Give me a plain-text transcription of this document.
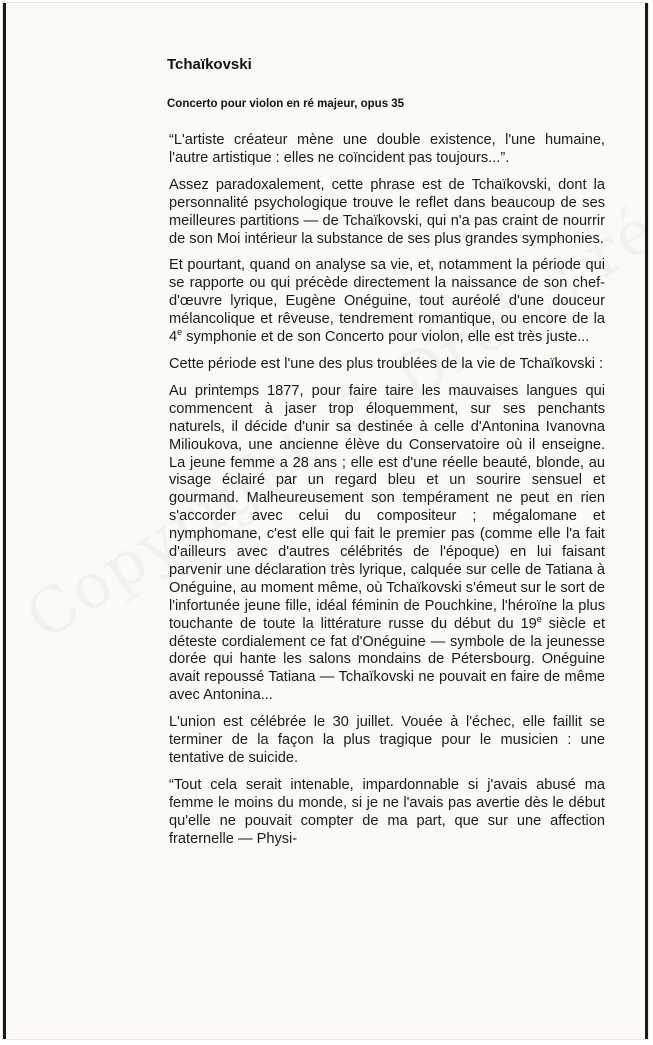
Tchaïkovski
Concerto pour violon en ré majeur, opus 35

“L'artiste créateur mène une double existence, l'une humaine, l'autre artistique : elles ne coïncident pas toujours...”.

Assez paradoxalement, cette phrase est de Tchaïkovski, dont la personnalité psychologique trouve le reflet dans beaucoup de ses meilleures partitions — de Tchaïkovski, qui n'a pas craint de nourrir de son Moi intérieur la substance de ses plus grandes symphonies.

Et pourtant, quand on analyse sa vie, et, notamment la période qui se rapporte ou qui précède directement la naissance de son chef-d'œuvre lyrique, Eugène Onéguine, tout auréolé d'une douceur mélancolique et rêveuse, tendrement romantique, ou encore de la 4e symphonie et de son Concerto pour violon, elle est très juste...

Cette période est l'une des plus troublées de la vie de Tchaïkovski :

Au printemps 1877, pour faire taire les mauvaises langues qui commencent à jaser trop éloquemment, sur ses penchants naturels, il décide d'unir sa destinée à celle d'Antonina Ivanovna Milioukova, une ancienne élève du Conservatoire où il enseigne. La jeune femme a 28 ans ; elle est d'une réelle beauté, blonde, au visage éclairé par un regard bleu et un sourire sensuel et gourmand. Malheureusement son tempérament ne peut en rien s'accorder avec celui du compositeur ; mégalomane et nymphomane, c'est elle qui fait le premier pas (comme elle l'a fait d'ailleurs avec d'autres célébrités de l'époque) en lui faisant parvenir une déclaration très lyrique, calquée sur celle de Tatiana à Onéguine, au moment même, où Tchaïkovski s'émeut sur le sort de l'infortunée jeune fille, idéal féminin de Pouchkine, l'héroïne la plus touchante de toute la littérature russe du début du 19e siècle et déteste cordialement ce fat d'Onéguine — symbole de la jeunesse dorée qui hante les salons mondains de Pétersbourg. Onéguine avait repoussé Tatiana — Tchaïkovski ne pouvait en faire de même avec Antonina...

L'union est célébrée le 30 juillet. Vouée à l'échec, elle faillit se terminer de la façon la plus tragique pour le musicien : une tentative de suicide.

“Tout cela serait intenable, impardonnable si j'avais abusé ma femme le moins du monde, si je ne l'avais pas avertie dès le début qu'elle ne pouvait compter de ma part, que sur une affection fraternelle — Physi-
